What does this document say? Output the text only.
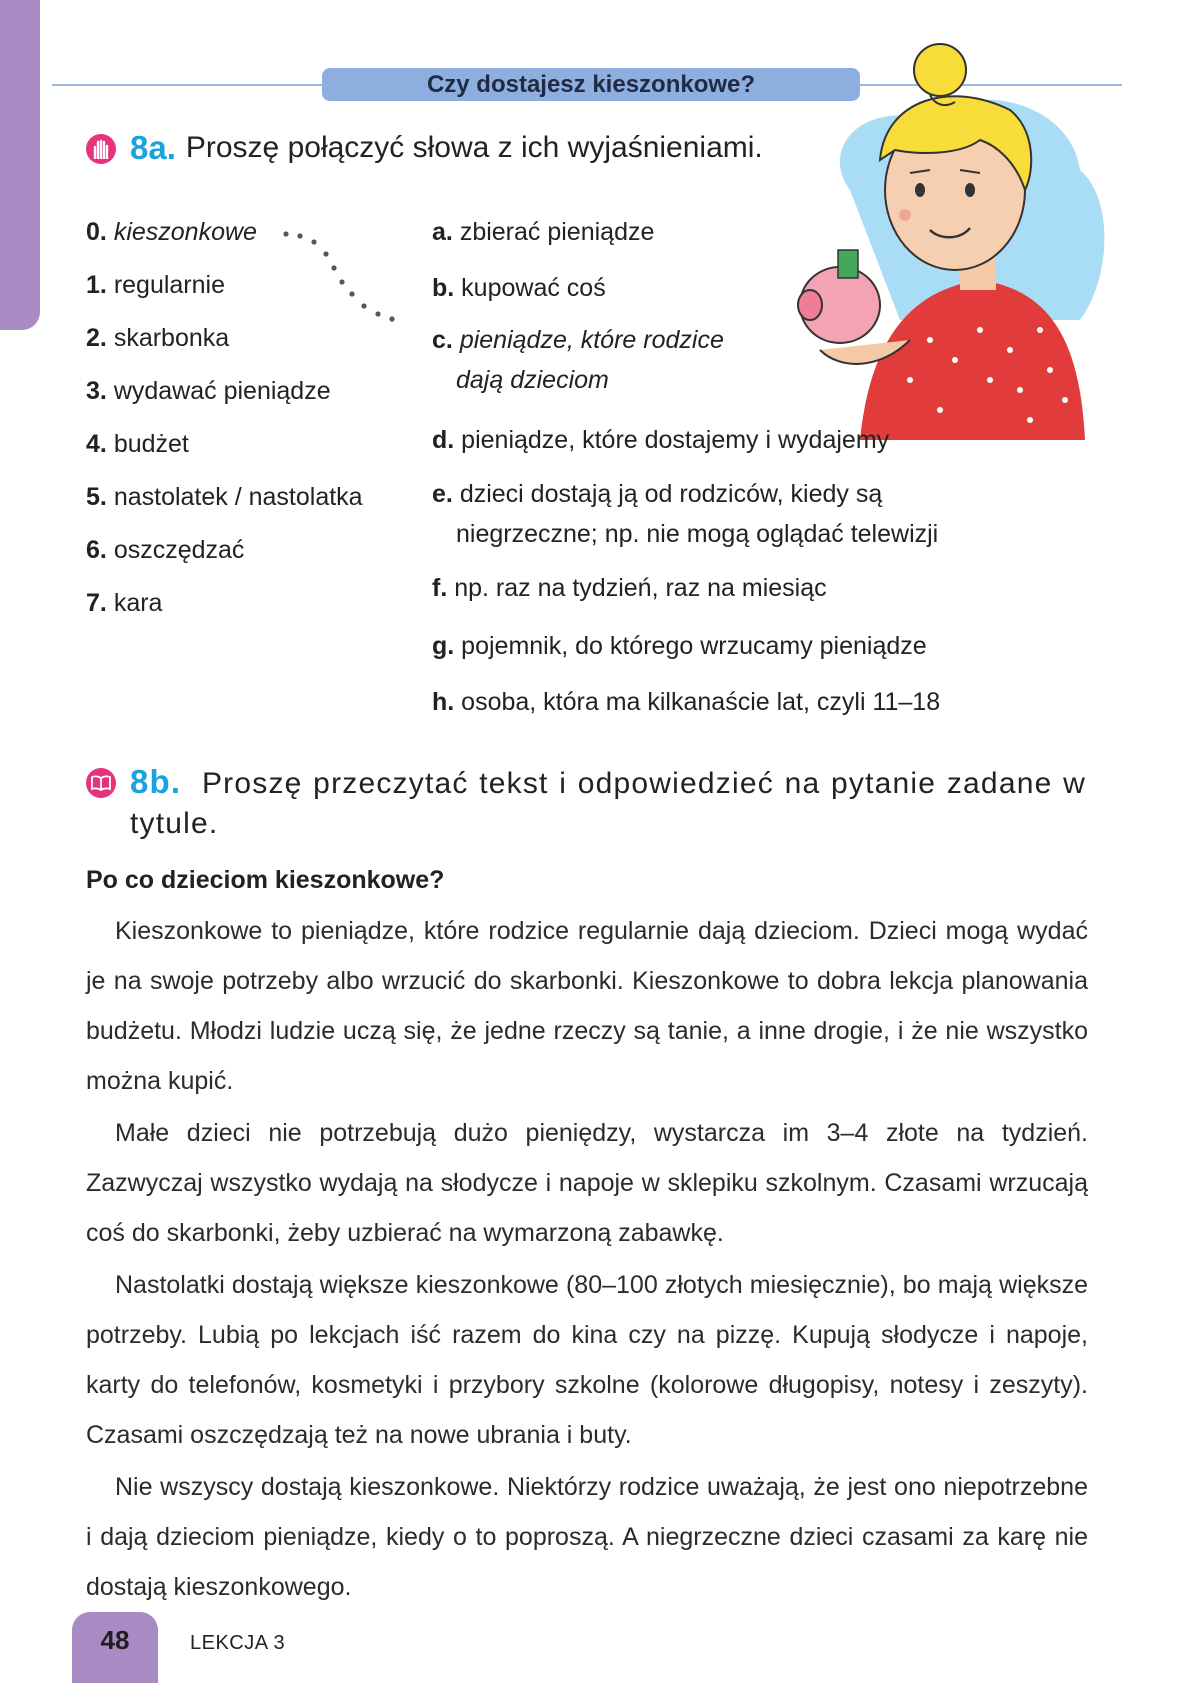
Czy dostajesz kieszonkowe?
8a. Proszę połączyć słowa z ich wyjaśnieniami.
0. kieszonkowe
1. regularnie
2. skarbonka
3. wydawać pieniądze
4. budżet
5. nastolatek / nastolatka
6. oszczędzać
7. kara
a. zbierać pieniądze
b. kupować coś
c. pieniądze, które rodzice
dają dzieciom
d. pieniądze, które dostajemy i wydajemy
e. dzieci dostają ją od rodziców, kiedy są
niegrzeczne; np. nie mogą oglądać telewizji
f. np. raz na tydzień, raz na miesiąc
g. pojemnik, do którego wrzucamy pieniądze
h. osoba, która ma kilkanaście lat, czyli 11–18
8b. Proszę przeczytać tekst i odpowiedzieć na pytanie zadane w tytule.
Po co dzieciom kieszonkowe?

Kieszonkowe to pieniądze, które rodzice regularnie dają dzieciom. Dzieci mogą wydać je na swoje potrzeby albo wrzucić do skarbonki. Kieszonkowe to dobra lekcja planowania budżetu. Młodzi ludzie uczą się, że jedne rzeczy są tanie, a inne drogie, i że nie wszystko można kupić.

Małe dzieci nie potrzebują dużo pieniędzy, wystarcza im 3–4 złote na tydzień. Zazwyczaj wszystko wydają na słodycze i napoje w sklepiku szkolnym. Czasami wrzucają coś do skarbonki, żeby uzbierać na wymarzoną zabawkę.

Nastolatki dostają większe kieszonkowe (80–100 złotych miesięcznie), bo mają większe potrzeby. Lubią po lekcjach iść razem do kina czy na pizzę. Kupują słodycze i napoje, karty do telefonów, kosmetyki i przybory szkolne (kolorowe długopisy, notesy i zeszyty). Czasami oszczędzają też na nowe ubrania i buty.

Nie wszyscy dostają kieszonkowe. Niektórzy rodzice uważają, że jest ono niepotrzebne i dają dzieciom pieniądze, kiedy o to poproszą. A niegrzeczne dzieci czasami za karę nie dostają kieszonkowego.

48	LEKCJA 3
